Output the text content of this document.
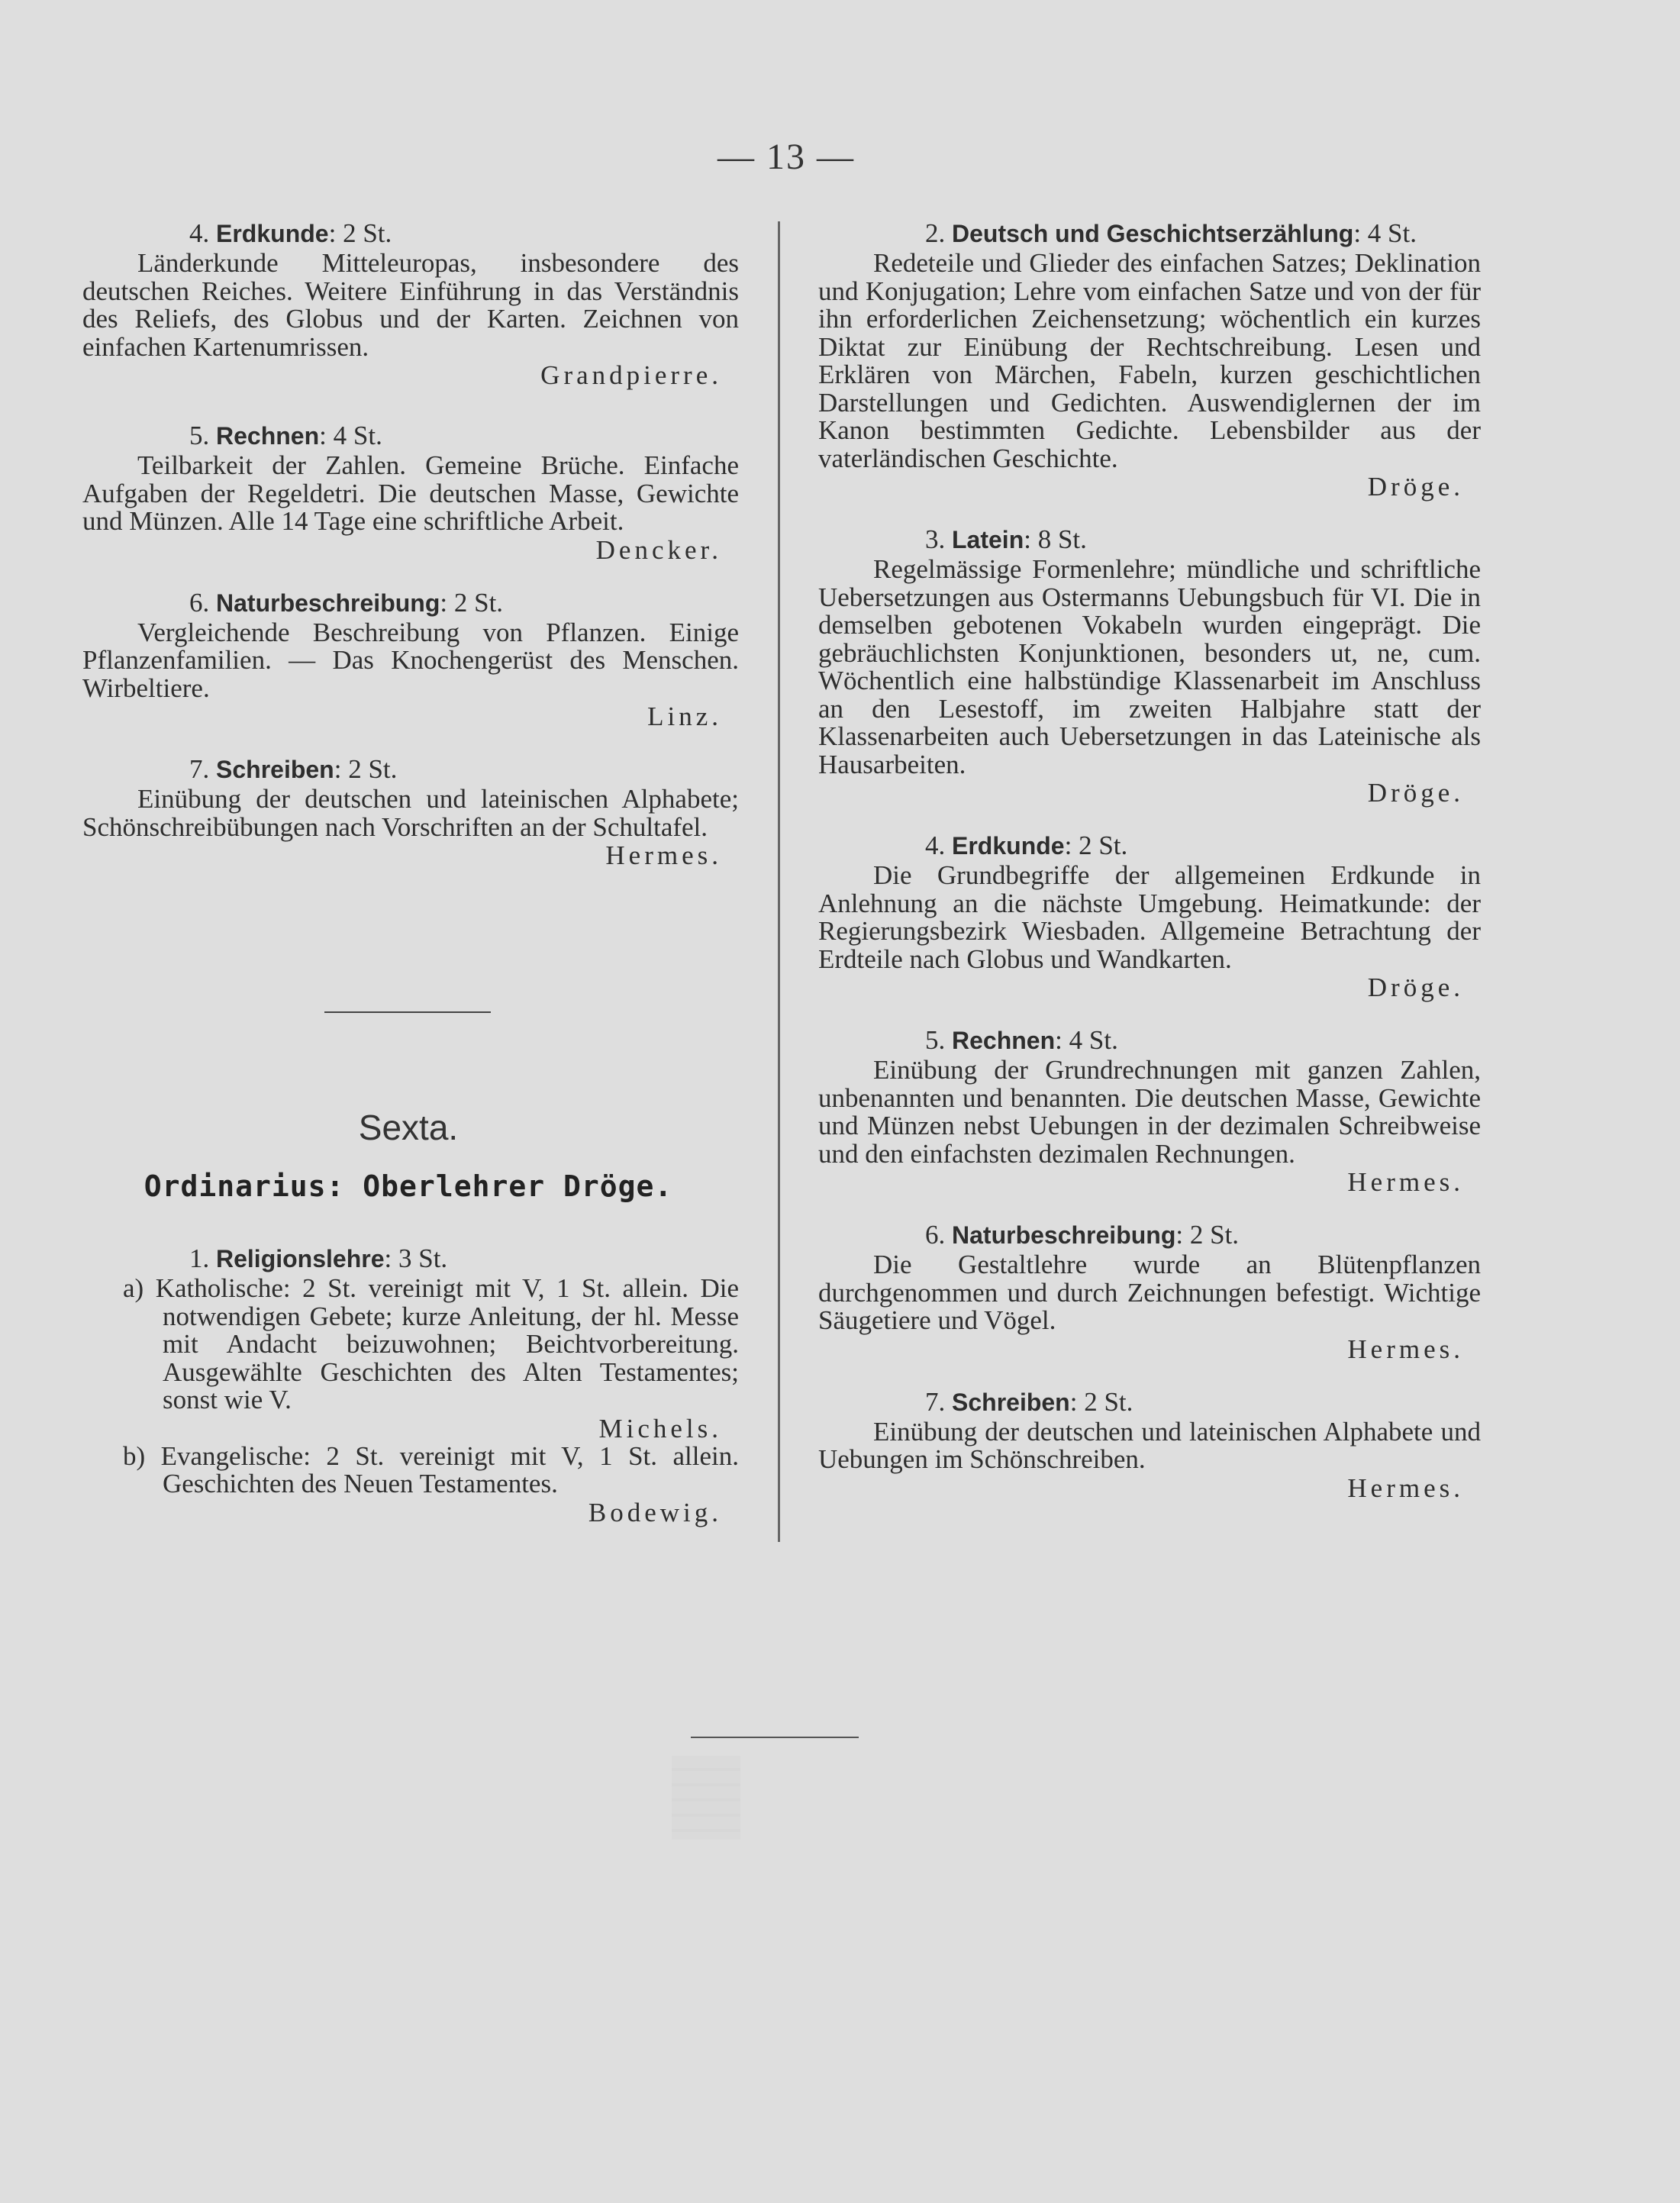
— 13 —

4. Erdkunde: 2 St.

Länderkunde Mitteleuropas, insbesondere des deutschen Reiches. Weitere Einführung in das Verständnis des Reliefs, des Globus und der Karten. Zeichnen von einfachen Kartenumrissen.

Grandpierre.

5. Rechnen: 4 St.

Teilbarkeit der Zahlen. Gemeine Brüche. Einfache Aufgaben der Regeldetri. Die deutschen Masse, Gewichte und Münzen. Alle 14 Tage eine schriftliche Arbeit.

Dencker.

6. Naturbeschreibung: 2 St.

Vergleichende Beschreibung von Pflanzen. Einige Pflanzenfamilien. — Das Knochengerüst des Menschen. Wirbeltiere.

Linz.

7. Schreiben: 2 St.

Einübung der deutschen und lateinischen Alphabete; Schönschreibübungen nach Vorschriften an der Schultafel.

Hermes.

Sexta.
Ordinarius: Oberlehrer Dröge.

1. Religionslehre: 3 St.

a) Katholische: 2 St. vereinigt mit V, 1 St. allein. Die notwendigen Gebete; kurze Anleitung, der hl. Messe mit Andacht beizuwohnen; Beichtvorbereitung. Ausgewählte Geschichten des Alten Testamentes; sonst wie V.

Michels.

b) Evangelische: 2 St. vereinigt mit V, 1 St. allein. Geschichten des Neuen Testamentes.

Bodewig.

2. Deutsch und Geschichtserzählung: 4 St.

Redeteile und Glieder des einfachen Satzes; Deklination und Konjugation; Lehre vom einfachen Satze und von der für ihn erforderlichen Zeichensetzung; wöchentlich ein kurzes Diktat zur Einübung der Rechtschreibung. Lesen und Erklären von Märchen, Fabeln, kurzen geschichtlichen Darstellungen und Gedichten. Auswendiglernen der im Kanon bestimmten Gedichte. Lebensbilder aus der vaterländischen Geschichte.

Dröge.

3. Latein: 8 St.

Regelmässige Formenlehre; mündliche und schriftliche Uebersetzungen aus Ostermanns Uebungsbuch für VI. Die in demselben gebotenen Vokabeln wurden eingeprägt. Die gebräuchlichsten Konjunktionen, besonders ut, ne, cum. Wöchentlich eine halbstündige Klassenarbeit im Anschluss an den Lesestoff, im zweiten Halbjahre statt der Klassenarbeiten auch Uebersetzungen in das Lateinische als Hausarbeiten.

Dröge.

4. Erdkunde: 2 St.

Die Grundbegriffe der allgemeinen Erdkunde in Anlehnung an die nächste Umgebung. Heimatkunde: der Regierungsbezirk Wiesbaden. Allgemeine Betrachtung der Erdteile nach Globus und Wandkarten.

Dröge.

5. Rechnen: 4 St.

Einübung der Grundrechnungen mit ganzen Zahlen, unbenannten und benannten. Die deutschen Masse, Gewichte und Münzen nebst Uebungen in der dezimalen Schreibweise und den einfachsten dezimalen Rechnungen.

Hermes.

6. Naturbeschreibung: 2 St.

Die Gestaltlehre wurde an Blütenpflanzen durchgenommen und durch Zeichnungen befestigt. Wichtige Säugetiere und Vögel.

Hermes.

7. Schreiben: 2 St.

Einübung der deutschen und lateinischen Alphabete und Uebungen im Schönschreiben.

Hermes.
